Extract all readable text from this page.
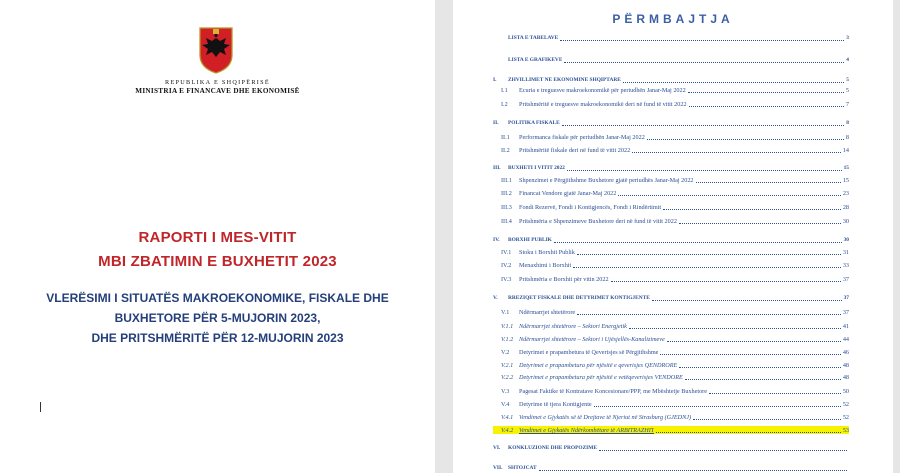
REPUBLIKA E SHQIPËRISË
MINISTRIA E FINANCAVE DHE EKONOMISË
RAPORTI I MES-VITIT
MBI ZBATIMIN E BUXHETIT 2023
VLERËSIMI I SITUATËS MAKROEKONOMIKE, FISKALE DHE
BUXHETORE PËR 5-MUJORIN 2023,
DHE PRITSHMËRITË PËR 12-MUJORIN 2023
PËRMBAJTJA
LISTA E TABELAVE	3
LISTA E GRAFIKËVE	4
I.	ZHVILLIMET NË EKONOMINË SHQIPTARE	5
I.1	Ecuria e treguesve makroekonomikë për periudhën Janar-Maj 2022	5
I.2	Pritshmëritë e treguesve makroekonomikë deri në fund të vitit 2022	7
II.	POLITIKA FISKALE	8
II.1	Performanca fiskale për periudhën Janar-Maj 2022	8
II.2	Pritshmëritë fiskale deri në fund të vitit 2022	14
III.	BUXHETI I VITIT 2022	15
III.1	Shpenzimet e Përgjithshme Buxhetore gjatë periudhës Janar-Maj 2022	15
III.2	Financat Vendore gjatë Janar-Maj 2022	23
III.3	Fondi Rezervë, Fondi i Kontigjencës, Fondi i Rindërtimit	28
III.4	Pritshmëria e Shpenzimeve Buxhetore deri në fund të vitit 2022	30
IV.	BORXHI PUBLIK	30
IV.1	Stoku i Borxhit Publik	31
IV.2	Menaxhimi i Borxhit	33
IV.3	Pritshmëria e Borxhit për vitin 2022	37
V.	RREZIQET FISKALE DHE DETYRIMET KONTIGJENTE	37
V.1	Ndërmarrjet shtetërore	37
V.1.1 Ndërmarrjet shtetërore – Sektori Energjetik	41
V.1.2 Ndërmarrjet shtetërore – Sektori i Ujësjellës-Kanalizimeve	44
V.2	Detyrimet e prapambetura të Qeverisjes së Përgjithshme	46
V.2.1 Detyrimet e prapambetura për njësitë e qeverisjes QENDRORE	48
V.2.2 Detyrimet e prapambetura për njësitë e vetëqeverisjes VENDORE	48
V.3	Pagesat Faktike të Kontratave Koncesionare/PPP, me Mbështetje Buxhetore	50
V.4	Detyrime të tjera Kontigjente	52
V.4.1 Vendimet e Gjykatës së të Drejtave të Njeriut në Strasburg (GJEDNJ)	52
V.4.2 Vendimet e Gjykatës Ndërkombëtare të ARBITRAZHIT	53
VI.	KONKLUZIONE DHE PROPOZIME
VII.	SHTOJCAT
